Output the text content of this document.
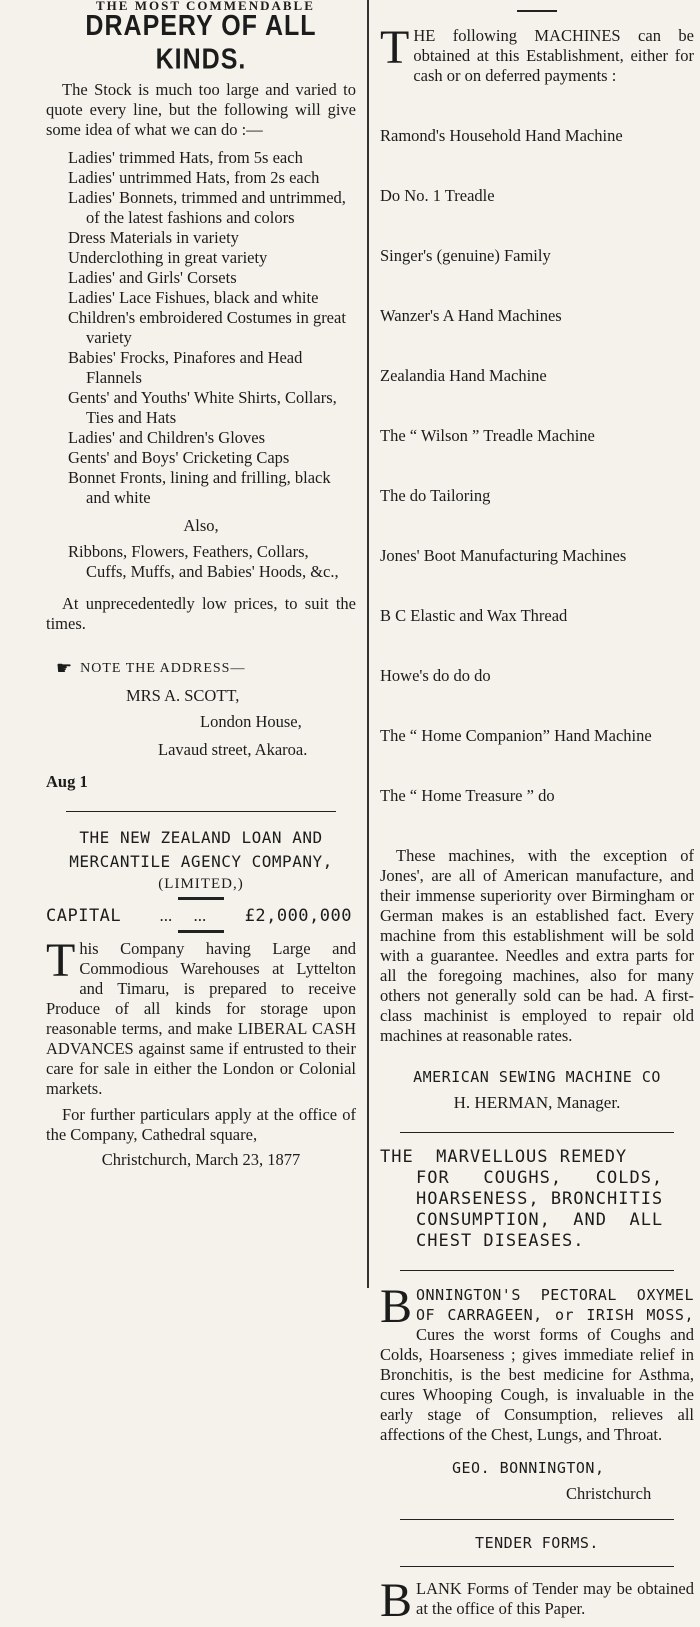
THE MOST COMMENDABLE
DRAPERY OF ALL KINDS.

The Stock is much too large and varied to quote every line, but the following will give some idea of what we can do :—

Ladies' trimmed Hats, from 5s each
Ladies' untrimmed Hats, from 2s each
Ladies' Bonnets, trimmed and untrimmed, of the latest fashions and colors
Dress Materials in variety
Underclothing in great variety
Ladies' and Girls' Corsets
Ladies' Lace Fishues, black and white
Children's embroidered Costumes in great variety
Babies' Frocks, Pinafores and Head Flannels
Gents' and Youths' White Shirts, Collars, Ties and Hats
Ladies' and Children's Gloves
Gents' and Boys' Cricketing Caps
Bonnet Fronts, lining and frilling, black and white
Also,
Ribbons, Flowers, Feathers, Collars, Cuffs, Muffs, and Babies' Hoods, &c.,

At unprecedentedly low prices, to suit the times.

☛ NOTE THE ADDRESS—
MRS A. SCOTT,
London House,
Lavaud street, Akaroa.
Aug 1
THE NEW ZEALAND LOAN AND MERCANTILE AGENCY COMPANY,
(LIMITED,)
CAPITAL ...     ... £2,000,000

This Company having Large and Commodious Warehouses at Lyttelton and Timaru, is prepared to receive Produce of all kinds for storage upon reasonable terms, and make LIBERAL CASH ADVANCES against same if entrusted to their care for sale in either the London or Colonial markets.

For further particulars apply at the office of the Company, Cathedral square,

Christchurch, March 23, 1877

THE following MACHINES can be obtained at this Establishment, either for cash or on deferred payments :

Ramond's Household Hand Machine

Do No. 1 Treadle

Singer's (genuine) Family

Wanzer's A Hand Machines

Zealandia Hand Machine

The “ Wilson ” Treadle Machine

The do Tailoring

Jones' Boot Manufacturing Machines

B C Elastic and Wax Thread

Howe's do do do

The “ Home Companion” Hand Machine

The “ Home Treasure ” do

These machines, with the exception of Jones', are all of American manufacture, and their immense superiority over Birmingham or German makes is an established fact. Every machine from this establishment will be sold with a guarantee. Needles and extra parts for all the foregoing machines, also for many others not generally sold can be had. A first-class machinist is employed to repair old machines at reasonable rates.

AMERICAN SEWING MACHINE CO
H. HERMAN, Manager.
THE  MARVELLOUS REMEDY
FOR   COUGHS,   COLDS,
HOARSENESS, BRONCHITIS
CONSUMPTION,  AND  ALL
CHEST DISEASES.

BONNINGTON'S PECTORAL OXYMEL OF CARRAGEEN, or IRISH MOSS, Cures the worst forms of Coughs and Colds, Hoarseness ; gives immediate relief in Bronchitis, is the best medicine for Asthma, cures Whooping Cough, is invaluable in the early stage of Consumption, relieves all affections of the Chest, Lungs, and Throat.

GEO. BONNINGTON,
Christchurch
TENDER FORMS.

BLANK Forms of Tender may be obtained at the office of this Paper.
